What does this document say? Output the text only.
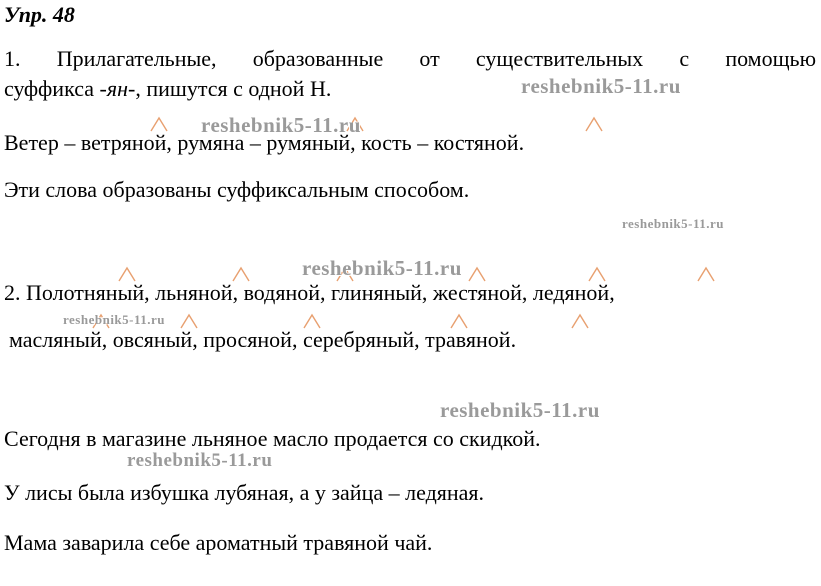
Упр. 48
1. Прилагательные, образованные от существительных с помощью
суффикса -ян-, пишутся с одной Н.
Ветер – ветряной, румяна – румяный, кость – костяной.
Эти слова образованы суффиксальным способом.
2. Полотняный, льняной, водяной, глиняный, жестяной, ледяной,
масляный, овсяный, просяной, серебряный, травяной.
Сегодня в магазине льняное масло продается со скидкой.
У лисы была избушка лубяная, а у зайца – ледяная.
Мама заварила себе ароматный травяной чай.
reshebnik5-11.ru
reshebnik5-11.ru
reshebnik5-11.ru
reshebnik5-11.ru
reshebnik5-11.ru
reshebnik5-11.ru
reshebnik5-11.ru
